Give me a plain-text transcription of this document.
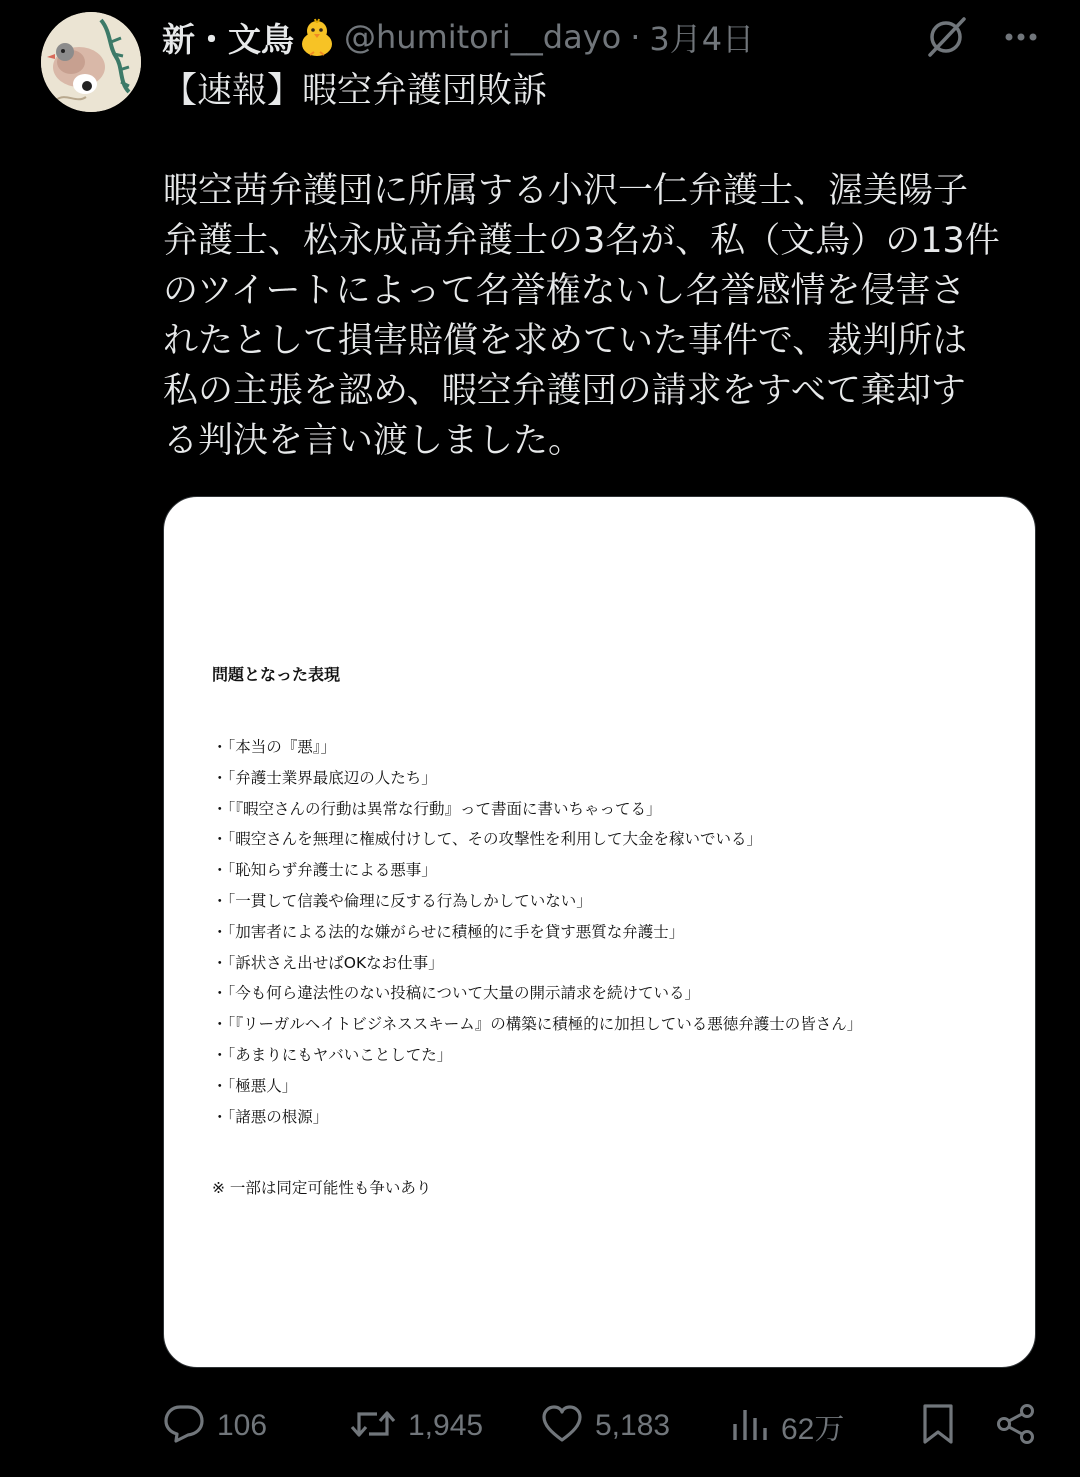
新・文鳥 @humitori__dayo · 3月4日
【速報】暇空弁護団敗訴
暇空茜弁護団に所属する小沢一仁弁護士、渥美陽子
弁護士、松永成高弁護士の3名が、私（文鳥）の13件
のツイートによって名誉権ないし名誉感情を侵害さ
れたとして損害賠償を求めていた事件で、裁判所は
私の主張を認め、暇空弁護団の請求をすべて棄却す
る判決を言い渡しました。
問題となった表現
・「本当の『悪』」
・「弁護士業界最底辺の人たち」
・「『暇空さんの行動は異常な行動』って書面に書いちゃってる」
・「暇空さんを無理に権威付けして、その攻撃性を利用して大金を稼いでいる」
・「恥知らず弁護士による悪事」
・「一貫して信義や倫理に反する行為しかしていない」
・「加害者による法的な嫌がらせに積極的に手を貸す悪質な弁護士」
・「訴状さえ出せばOKなお仕事」
・「今も何ら違法性のない投稿について大量の開示請求を続けている」
・「『リーガルヘイトビジネススキーム』の構築に積極的に加担している悪徳弁護士の皆さん」
・「あまりにもヤバいことしてた」
・「極悪人」
・「諸悪の根源」
※ 一部は同定可能性も争いあり
106	1,945	5,183	62万
